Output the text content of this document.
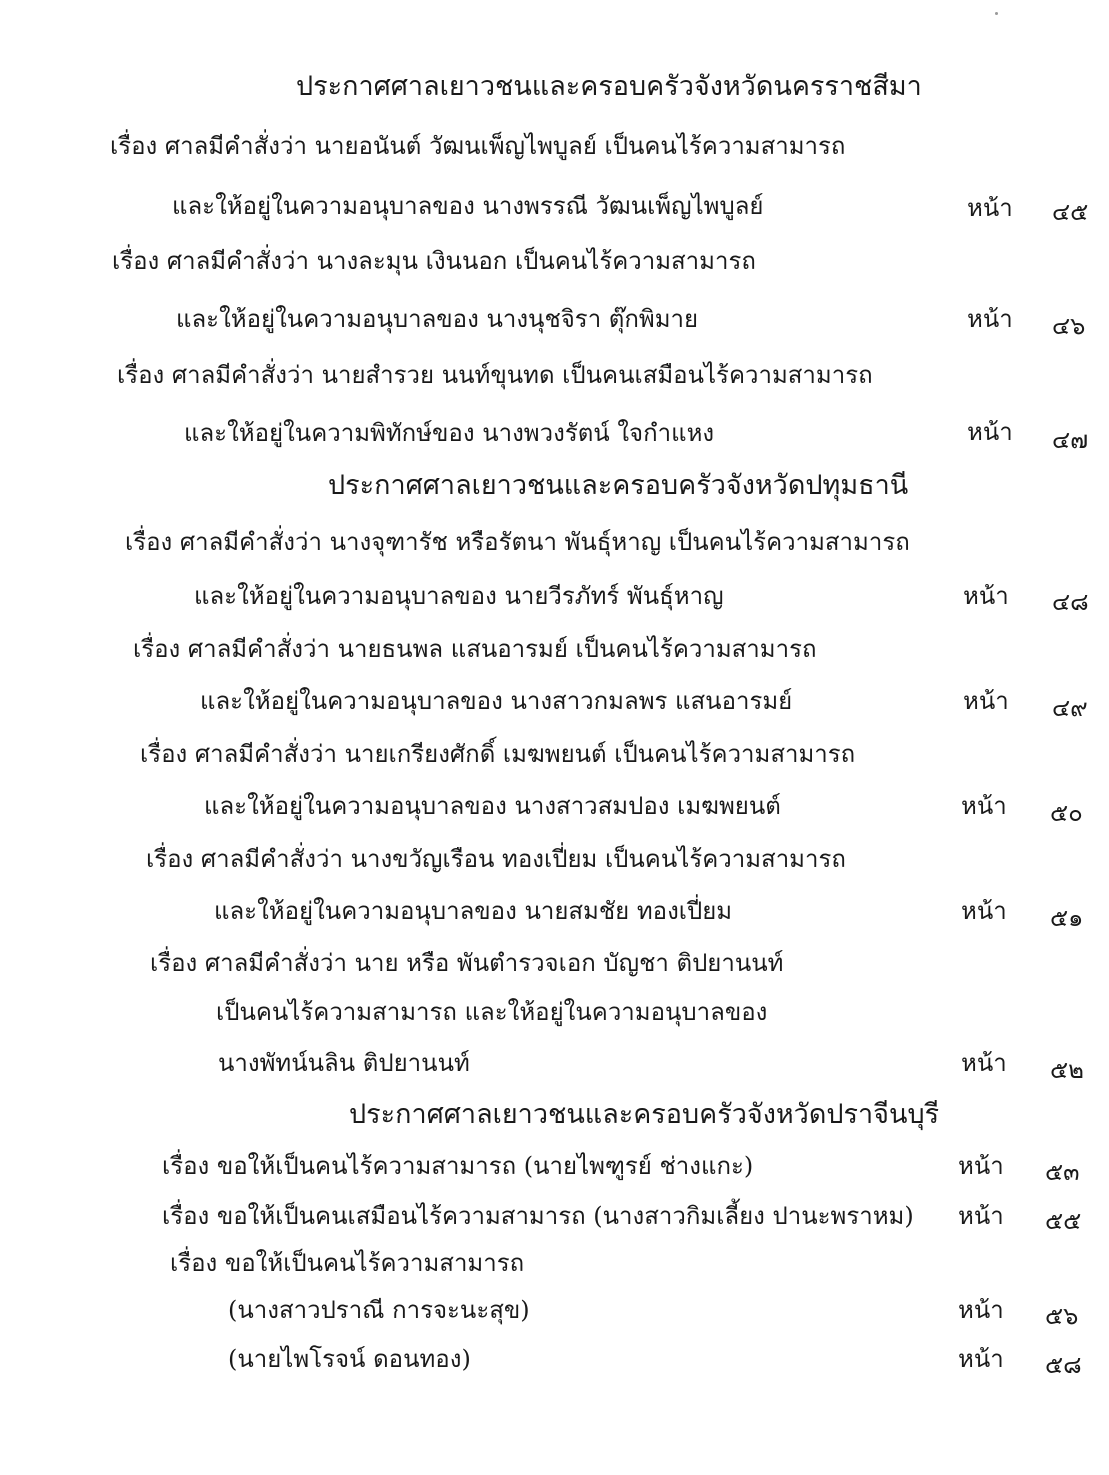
ประกาศศาลเยาวชนและครอบครัวจังหวัดนครราชสีมา
เรื่อง ศาลมีคำสั่งว่า นายอนันต์ วัฒนเพ็ญไพบูลย์ เป็นคนไร้ความสามารถ
และให้อยู่ในความอนุบาลของ นางพรรณี วัฒนเพ็ญไพบูลย์	หน้า ๔๕
เรื่อง ศาลมีคำสั่งว่า นางละมุน เงินนอก เป็นคนไร้ความสามารถ
และให้อยู่ในความอนุบาลของ นางนุชจิรา ตุ๊กพิมาย	หน้า ๔๖
เรื่อง ศาลมีคำสั่งว่า นายสำรวย นนท์ขุนทด เป็นคนเสมือนไร้ความสามารถ
และให้อยู่ในความพิทักษ์ของ นางพวงรัตน์ ใจกำแหง	หน้า ๔๗
ประกาศศาลเยาวชนและครอบครัวจังหวัดปทุมธานี
เรื่อง ศาลมีคำสั่งว่า นางจุฑารัช หรือรัตนา พันธุ์หาญ เป็นคนไร้ความสามารถ
และให้อยู่ในความอนุบาลของ นายวีรภัทร์ พันธุ์หาญ	หน้า ๔๘
เรื่อง ศาลมีคำสั่งว่า นายธนพล แสนอารมย์ เป็นคนไร้ความสามารถ
และให้อยู่ในความอนุบาลของ นางสาวกมลพร แสนอารมย์	หน้า ๔๙
เรื่อง ศาลมีคำสั่งว่า นายเกรียงศักดิ์ เมฆพยนต์ เป็นคนไร้ความสามารถ
และให้อยู่ในความอนุบาลของ นางสาวสมปอง เมฆพยนต์	หน้า ๕๐
เรื่อง ศาลมีคำสั่งว่า นางขวัญเรือน ทองเปี่ยม เป็นคนไร้ความสามารถ
และให้อยู่ในความอนุบาลของ นายสมชัย ทองเปี่ยม	หน้า ๕๑
เรื่อง ศาลมีคำสั่งว่า นาย หรือ พันตำรวจเอก บัญชา ติปยานนท์
เป็นคนไร้ความสามารถ และให้อยู่ในความอนุบาลของ
นางพัทน์นลิน ติปยานนท์	หน้า ๕๒
ประกาศศาลเยาวชนและครอบครัวจังหวัดปราจีนบุรี
เรื่อง ขอให้เป็นคนไร้ความสามารถ (นายไพฑูรย์ ช่างแกะ)	หน้า ๕๓
เรื่อง ขอให้เป็นคนเสมือนไร้ความสามารถ (นางสาวกิมเลี้ยง ปานะพราหม) หน้า ๕๕
เรื่อง ขอให้เป็นคนไร้ความสามารถ
(นางสาวปราณี การจะนะสุข)	หน้า ๕๖
(นายไพโรจน์ ดอนทอง)	หน้า ๕๘
